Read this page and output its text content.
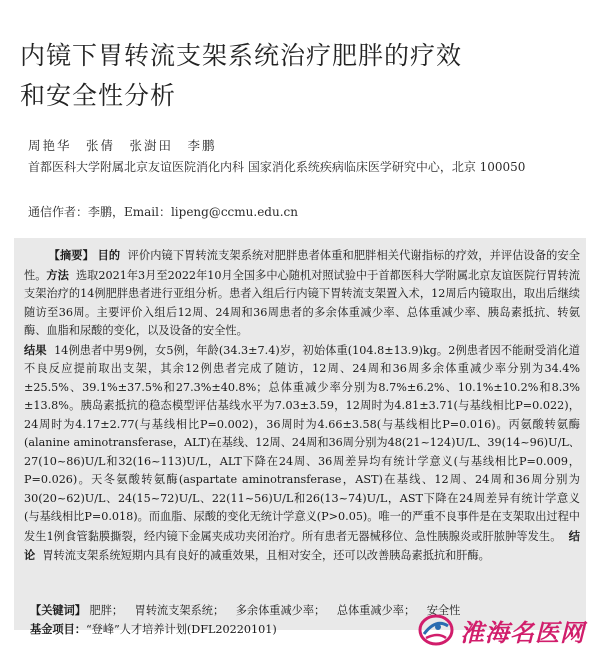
内镜下胃转流支架系统治疗肥胖的疗效
和安全性分析
周艳华　张倩　张澍田　李鹏
首都医科大学附属北京友谊医院消化内科 国家消化系统疾病临床医学研究中心，北京 100050
通信作者：李鹏，Email：lipeng@ccmu.edu.cn

【摘要】 目的 评价内镜下胃转流支架系统对肥胖患者体重和肥胖相关代谢指标的疗效，并评估设备的安全性。方法 选取2021年3月至2022年10月全国多中心随机对照试验中于首都医科大学附属北京友谊医院行胃转流支架治疗的14例肥胖患者进行亚组分析。患者入组后行内镜下胃转流支架置入术，12周后内镜取出，取出后继续随访至36周。主要评价入组后12周、24周和36周患者的多余体重减少率、总体重减少率、胰岛素抵抗、转氨酶、血脂和尿酸的变化，以及设备的安全性。

结果 14例患者中男9例，女5例，年龄(34.3±7.4)岁，初始体重(104.8±13.9)kg。2例患者因不能耐受消化道不良反应提前取出支架，其余12例患者完成了随访，12周、24周和36周多余体重减少率分别为34.4%±25.5%、39.1%±37.5%和27.3%±40.8%；总体重减少率分别为8.7%±6.2%、10.1%±10.2%和8.3%±13.8%。胰岛素抵抗的稳态模型评估基线水平为7.03±3.59，12周时为4.81±3.71(与基线相比P=0.022)，24周时为4.17±2.77(与基线相比P=0.002)，36周时为4.66±3.58(与基线相比P=0.016)。丙氨酸转氨酶(alanine aminotransferase，ALT)在基线、12周、24周和36周分别为48(21~124)U/L、39(14~96)U/L、27(10~86)U/L和32(16~113)U/L，ALT下降在24周、36周差异均有统计学意义(与基线相比P=0.009，P=0.026)。天冬氨酸转氨酶(aspartate aminotransferase，AST)在基线、12周、24周和36周分别为30(20~62)U/L、24(15~72)U/L、22(11~56)U/L和26(13~74)U/L，AST下降在24周差异有统计学意义(与基线相比P=0.018)。而血脂、尿酸的变化无统计学意义(P>0.05)。唯一的严重不良事件是在支架取出过程中发生1例食管黏膜撕裂，经内镜下金属夹成功夹闭治疗。所有患者无器械移位、急性胰腺炎或肝脓肿等发生。 结论 胃转流支架系统短期内具有良好的减重效果，且相对安全，还可以改善胰岛素抵抗和肝酶。

【关键词】 肥胖； 胃转流支架系统； 多余体重减少率； 总体重减少率； 安全性
基金项目：“登峰”人才培养计划(DFL20220101)	淮海名医网
